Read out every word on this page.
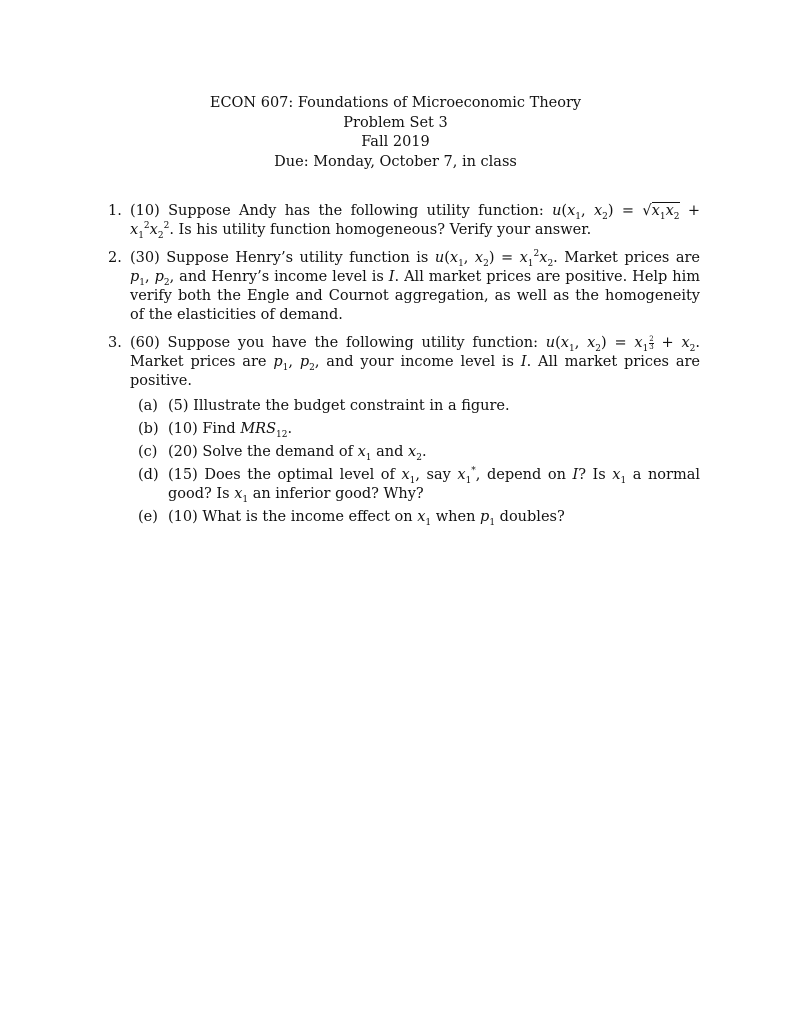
ECON 607: Foundations of Microeconomic Theory
Problem Set 3
Fall 2019
Due: Monday, October 7, in class
1. (10) Suppose Andy has the following utility function: $u(x_1$, $x_2) = √x_1x_2 + x_1^2x_2^2$. Is his utility function homogeneous? Verify your answer.
2. (30) Suppose Henry’s utility function is $u(x_1$, $x_2) = x_1^2x_2$. Market prices are $p_1$, $p_2$, and Henry’s income level is I. All market prices are positive. Help him verify both the Engle and Cournot aggregation, as well as the homogeneity of the elasticities of demand.
3. (60) Suppose you have the following utility function: $u(x_1$, $x_2) = x_1 \frac{2}{3} + x_2$. Market prices are $p_1$, $p_2$, and your income level is I. All market prices are positive.
(a) (5) Illustrate the budget constraint in a figure.
(b) (10) Find $MRS_{12}$.
(c) (20) Solve the demand of $x_1$ and $x_2$.
(d) (15) Does the optimal level of $x_1$, say $x_1^*$, depend on I? Is $x_1$ a normal good? Is $x_1$ an inferior good? Why?
(e) (10) What is the income effect on $x_1$ when $p_1$ doubles?
